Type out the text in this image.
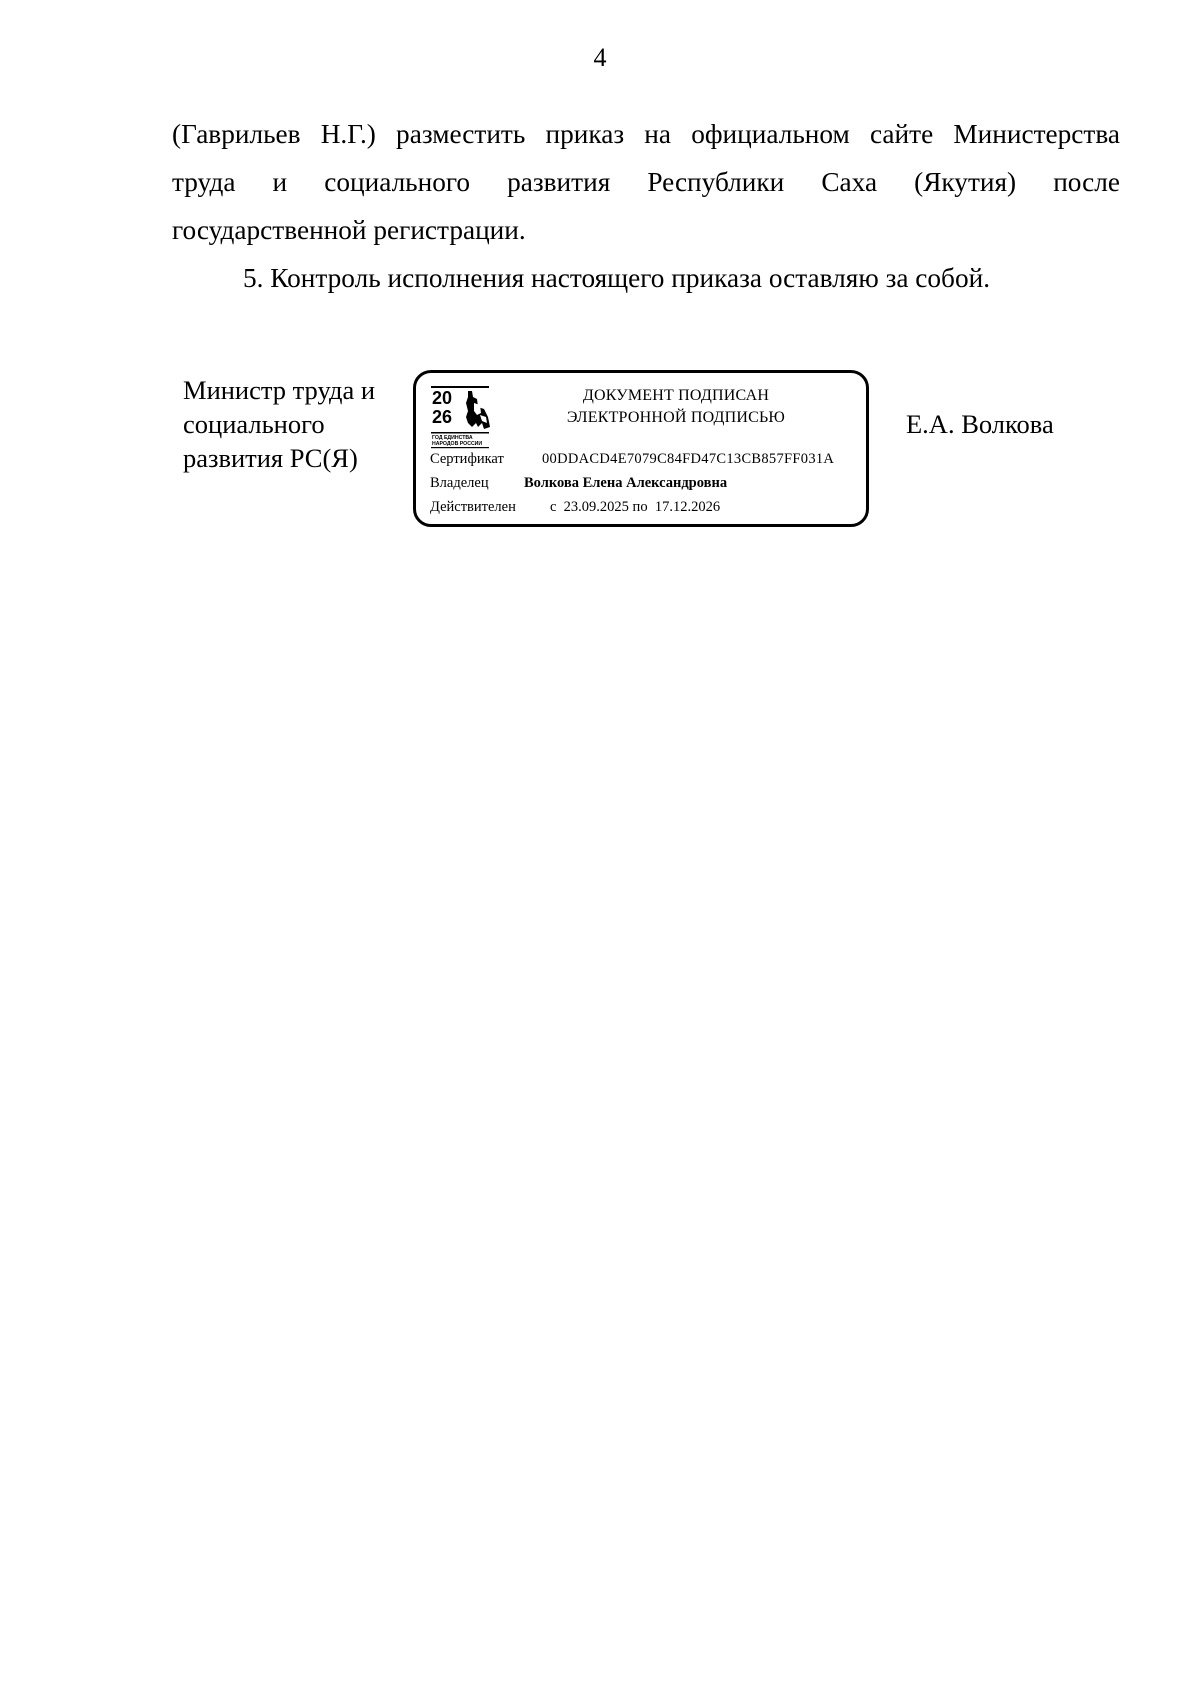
4
(Гаврильев Н.Г.) разместить приказ на официальном сайте Министерства
труда и социального развития Республики Саха (Якутия) после
государственной регистрации.
5. Контроль исполнения настоящего приказа оставляю за собой.
Министр труда и
социального
развития РС(Я)
20
26
ГОД ЕДИНСТВА
НАРОДОВ РОССИИ
ДОКУМЕНТ ПОДПИСАН
ЭЛЕКТРОННОЙ ПОДПИСЬЮ
Сертификат	00DDACD4E7079C84FD47C13CB857FF031A
Владелец Волкова Елена Александровна
Действителен с  23.09.2025 по  17.12.2026
Е.А. Волкова
